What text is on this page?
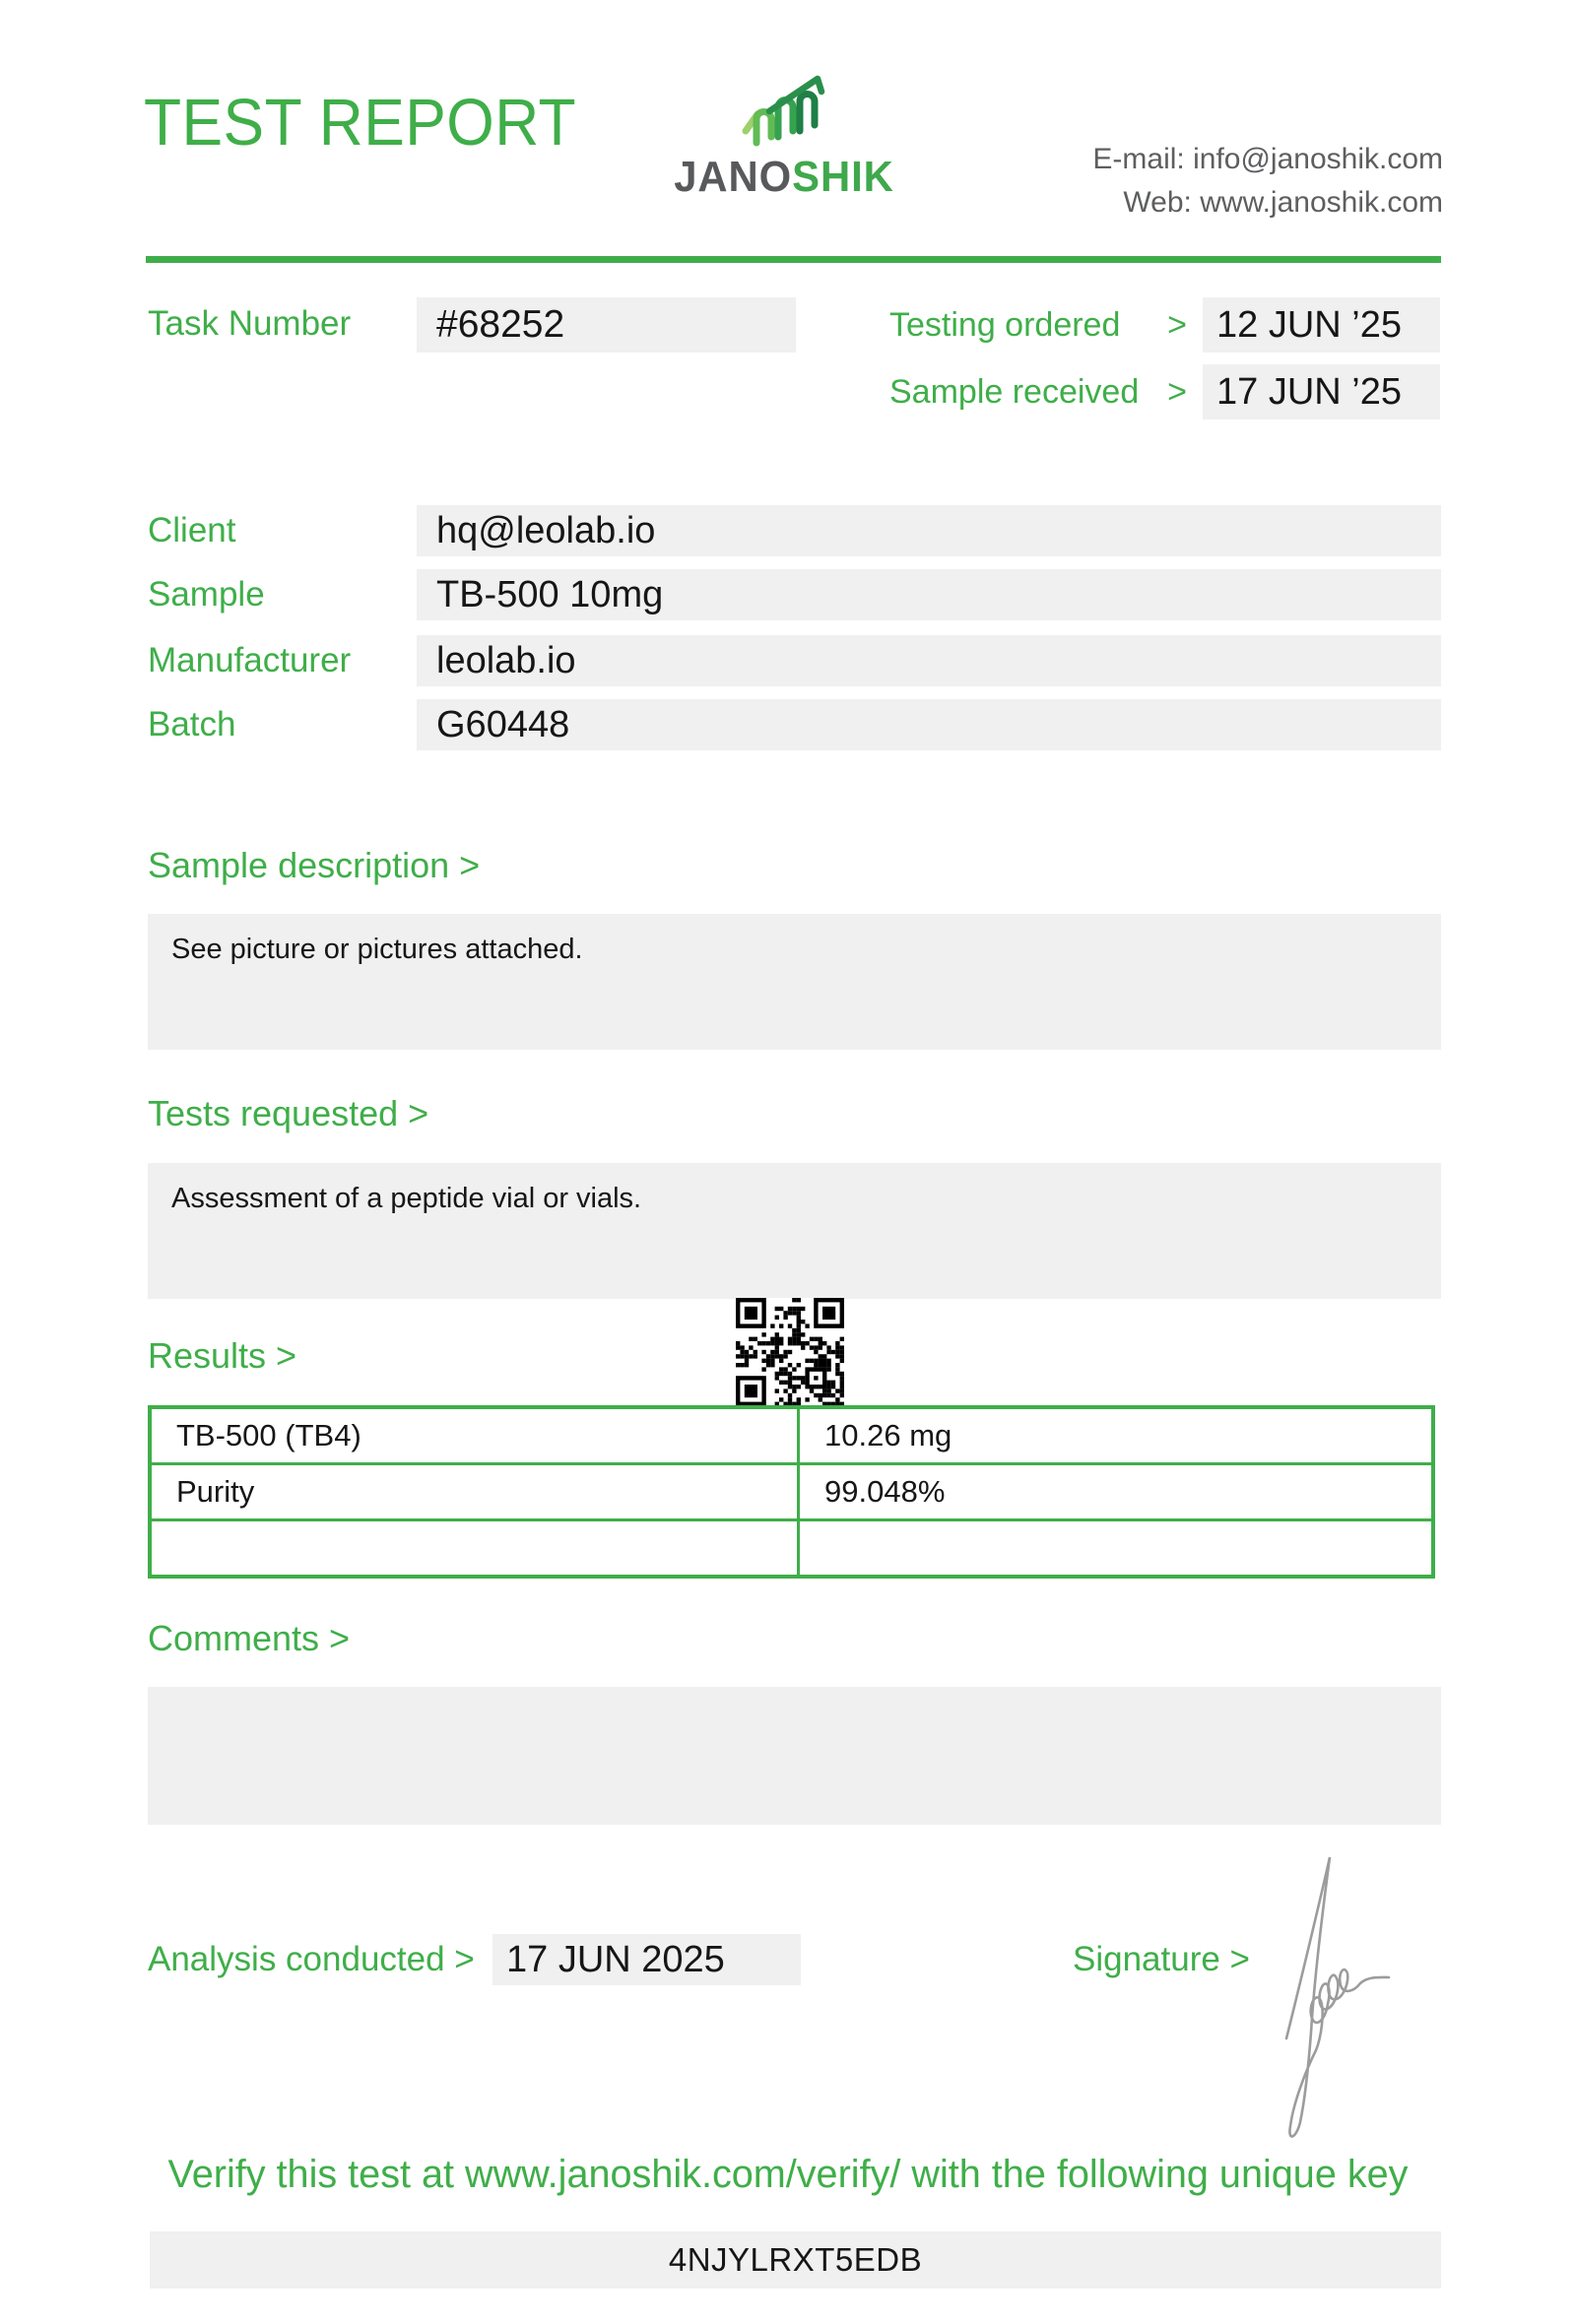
TEST REPORT
JANOSHIK	E-mail: info@janoshik.com
Web: www.janoshik.com
Task Number	#68252	Testing ordered > 12 JUN ’25
Sample received > 17 JUN ’25
Client	hq@leolab.io
Sample	TB-500 10mg
Manufacturer	leolab.io
Batch	G60448
Sample description >
See picture or pictures attached.
Tests requested >
Assessment of a peptide vial or vials.
Results >
TB-500 (TB4)	10.26 mg
Purity	99.048%
Comments >
Analysis conducted > 17 JUN 2025	Signature >
Verify this test at www.janoshik.com/verify/ with the following unique key
4NJYLRXT5EDB
